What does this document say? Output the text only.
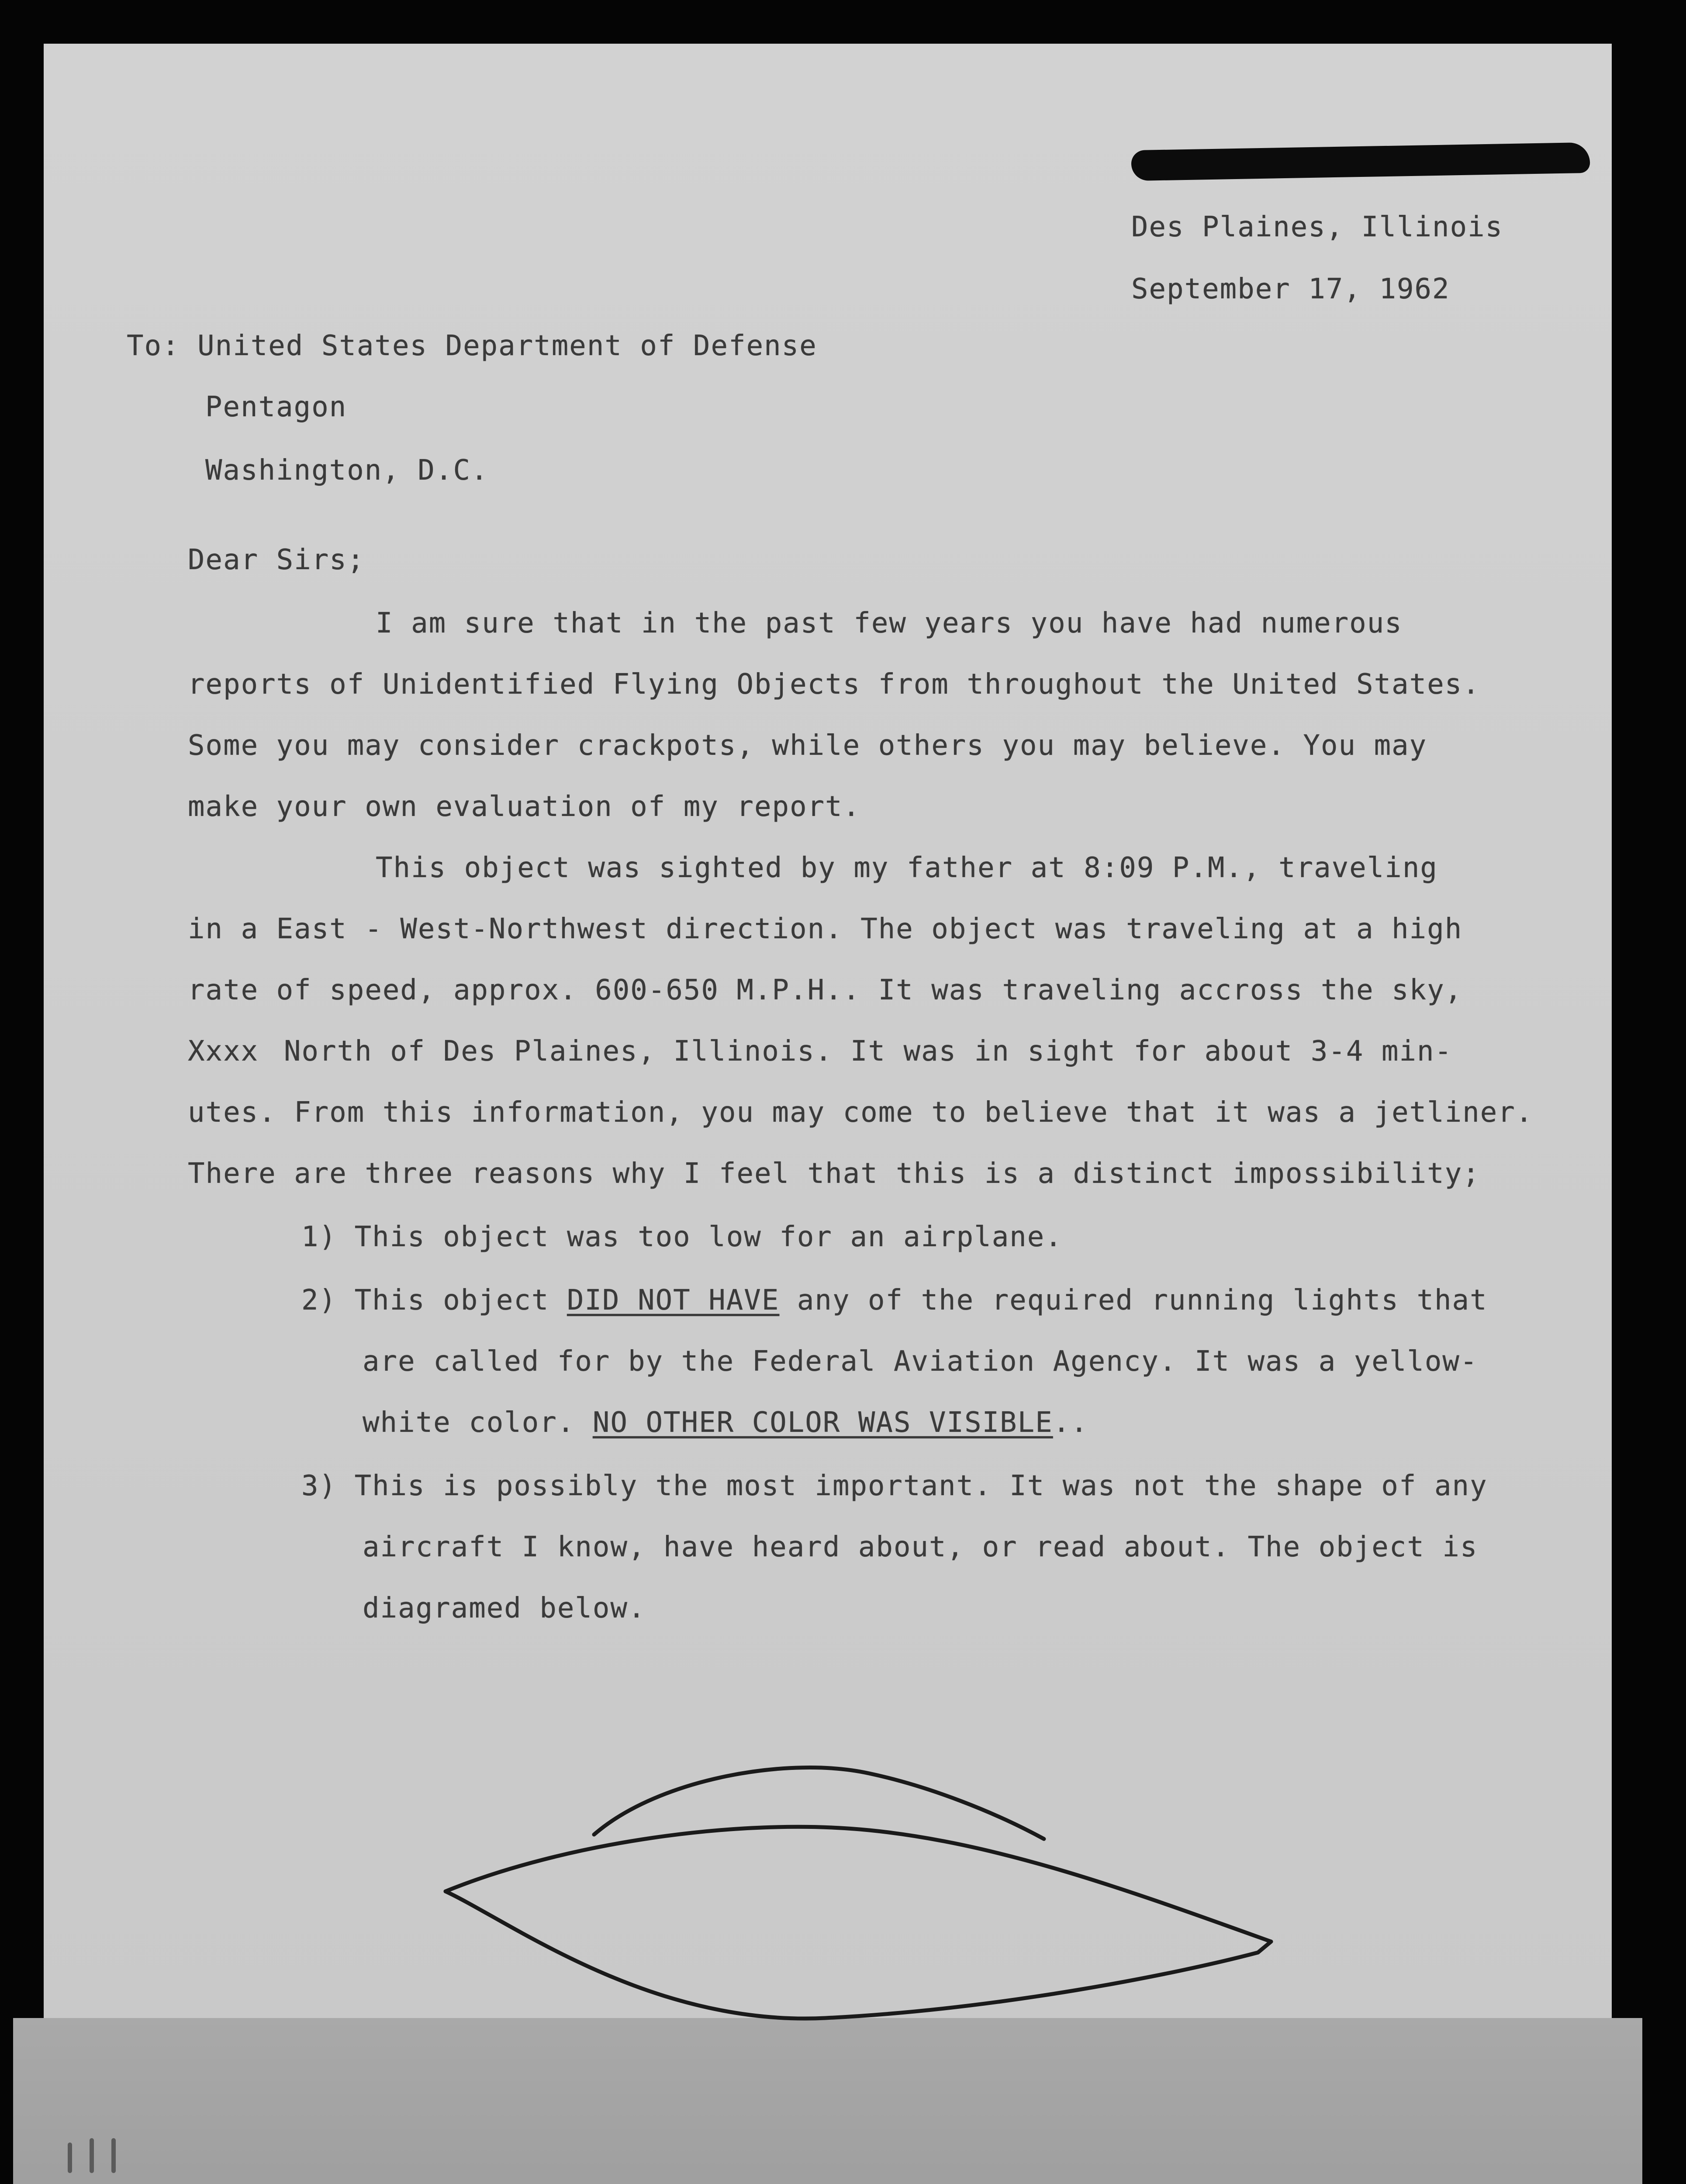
Des Plaines, Illinois
September 17, 1962
To: United States Department of Defense
Pentagon
Washington, D.C.
Dear Sirs;
I am sure that in the past few years you have had numerous
reports of Unidentified Flying Objects from throughout the United States.
Some you may consider crackpots, while others you may believe. You may
make your own evaluation of my report.
This object was sighted by my father at 8:09 P.M., traveling
in a East - West-Northwest direction. The object was traveling at a high
rate of speed, approx. 600-650 M.P.H.. It was traveling accross the sky,
Xxxx North of Des Plaines, Illinois. It was in sight for about 3-4 min-
utes. From this information, you may come to believe that it was a jetliner.
There are three reasons why I feel that this is a distinct impossibility;
1) This object was too low for an airplane.
2) This object DID NOT HAVE any of the required running lights that
are called for by the Federal Aviation Agency. It was a yellow-
white color. NO OTHER COLOR WAS VISIBLE..
3) This is possibly the most important. It was not the shape of any
aircraft I know, have heard about, or read about. The object is
diagramed below.
